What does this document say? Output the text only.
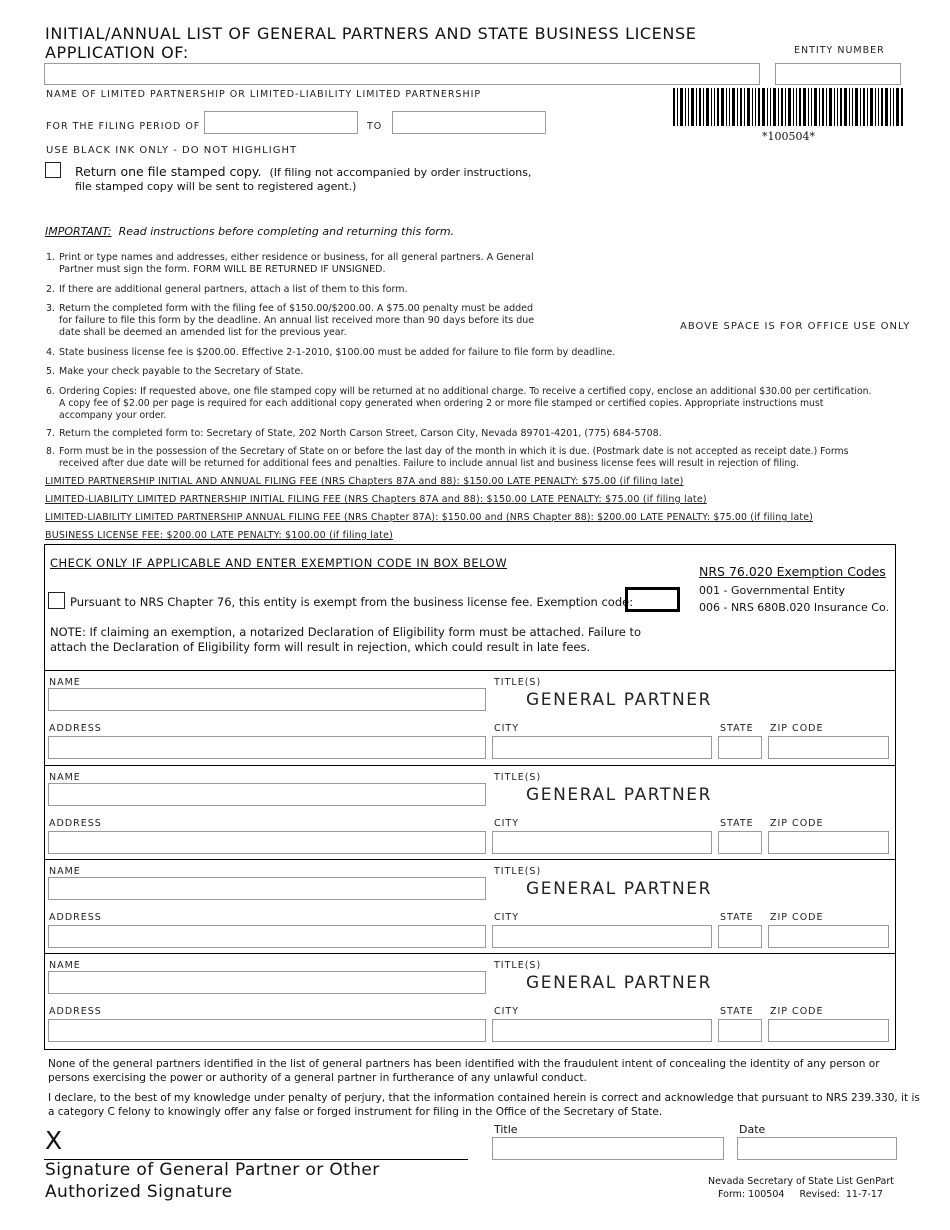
INITIAL/ANNUAL LIST OF GENERAL PARTNERS AND STATE BUSINESS LICENSE
APPLICATION OF:	ENTITY NUMBER
NAME OF LIMITED PARTNERSHIP OR LIMITED-LIABILITY LIMITED PARTNERSHIP
FOR THE FILING PERIOD OF	TO
USE BLACK INK ONLY - DO NOT HIGHLIGHT
*100504*
Return one file stamped copy. (If filing not accompanied by order instructions,
file stamped copy will be sent to registered agent.)
IMPORTANT: Read instructions before completing and returning this form.
ABOVE SPACE IS FOR OFFICE USE ONLY
1. Print or type names and addresses, either residence or business, for all general partners. A General
Partner must sign the form. FORM WILL BE RETURNED IF UNSIGNED.
2. If there are additional general partners, attach a list of them to this form.
3. Return the completed form with the filing fee of $150.00/$200.00. A $75.00 penalty must be added
for failure to file this form by the deadline. An annual list received more than 90 days before its due
date shall be deemed an amended list for the previous year.
4. State business license fee is $200.00. Effective 2-1-2010, $100.00 must be added for failure to file form by deadline.
5. Make your check payable to the Secretary of State.
6. Ordering Copies: If requested above, one file stamped copy will be returned at no additional charge. To receive a certified copy, enclose an additional $30.00 per certification.
A copy fee of $2.00 per page is required for each additional copy generated when ordering 2 or more file stamped or certified copies. Appropriate instructions must
accompany your order.
7. Return the completed form to: Secretary of State, 202 North Carson Street, Carson City, Nevada 89701-4201, (775) 684-5708.
8. Form must be in the possession of the Secretary of State on or before the last day of the month in which it is due. (Postmark date is not accepted as receipt date.) Forms
received after due date will be returned for additional fees and penalties. Failure to include annual list and business license fees will result in rejection of filing.
LIMITED PARTNERSHIP INITIAL AND ANNUAL FILING FEE (NRS Chapters 87A and 88): $150.00 LATE PENALTY: $75.00 (if filing late)
LIMITED-LIABILITY LIMITED PARTNERSHIP INITIAL FILING FEE (NRS Chapters 87A and 88): $150.00 LATE PENALTY: $75.00 (if filing late)
LIMITED-LIABILITY LIMITED PARTNERSHIP ANNUAL FILING FEE (NRS Chapter 87A): $150.00 and (NRS Chapter 88): $200.00 LATE PENALTY: $75.00 (if filing late)
BUSINESS LICENSE FEE: $200.00 LATE PENALTY: $100.00 (if filing late)
CHECK ONLY IF APPLICABLE AND ENTER EXEMPTION CODE IN BOX BELOW
Pursuant to NRS Chapter 76, this entity is exempt from the business license fee. Exemption code:
NOTE: If claiming an exemption, a notarized Declaration of Eligibility form must be attached. Failure to
attach the Declaration of Eligibility form will result in rejection, which could result in late fees.
NRS 76.020 Exemption Codes
001 - Governmental Entity
006 - NRS 680B.020 Insurance Co.
NAME	TITLE(S)
GENERAL PARTNER
ADDRESS	CITY	STATE ZIP CODE
NAME	TITLE(S)
GENERAL PARTNER
ADDRESS	CITY	STATE ZIP CODE
NAME	TITLE(S)
GENERAL PARTNER
ADDRESS	CITY	STATE ZIP CODE
NAME	TITLE(S)
GENERAL PARTNER
ADDRESS	CITY	STATE ZIP CODE
None of the general partners identified in the list of general partners has been identified with the fraudulent intent of concealing the identity of any person or
persons exercising the power or authority of a general partner in furtherance of any unlawful conduct.
I declare, to the best of my knowledge under penalty of perjury, that the information contained herein is correct and acknowledge that pursuant to NRS 239.330, it is
a category C felony to knowingly offer any false or forged instrument for filing in the Office of the Secretary of State.
X
Signature of General Partner or Other
Authorized Signature
Title	Date
Nevada Secretary of State List GenPart
Form: 100504     Revised:  11-7-17
